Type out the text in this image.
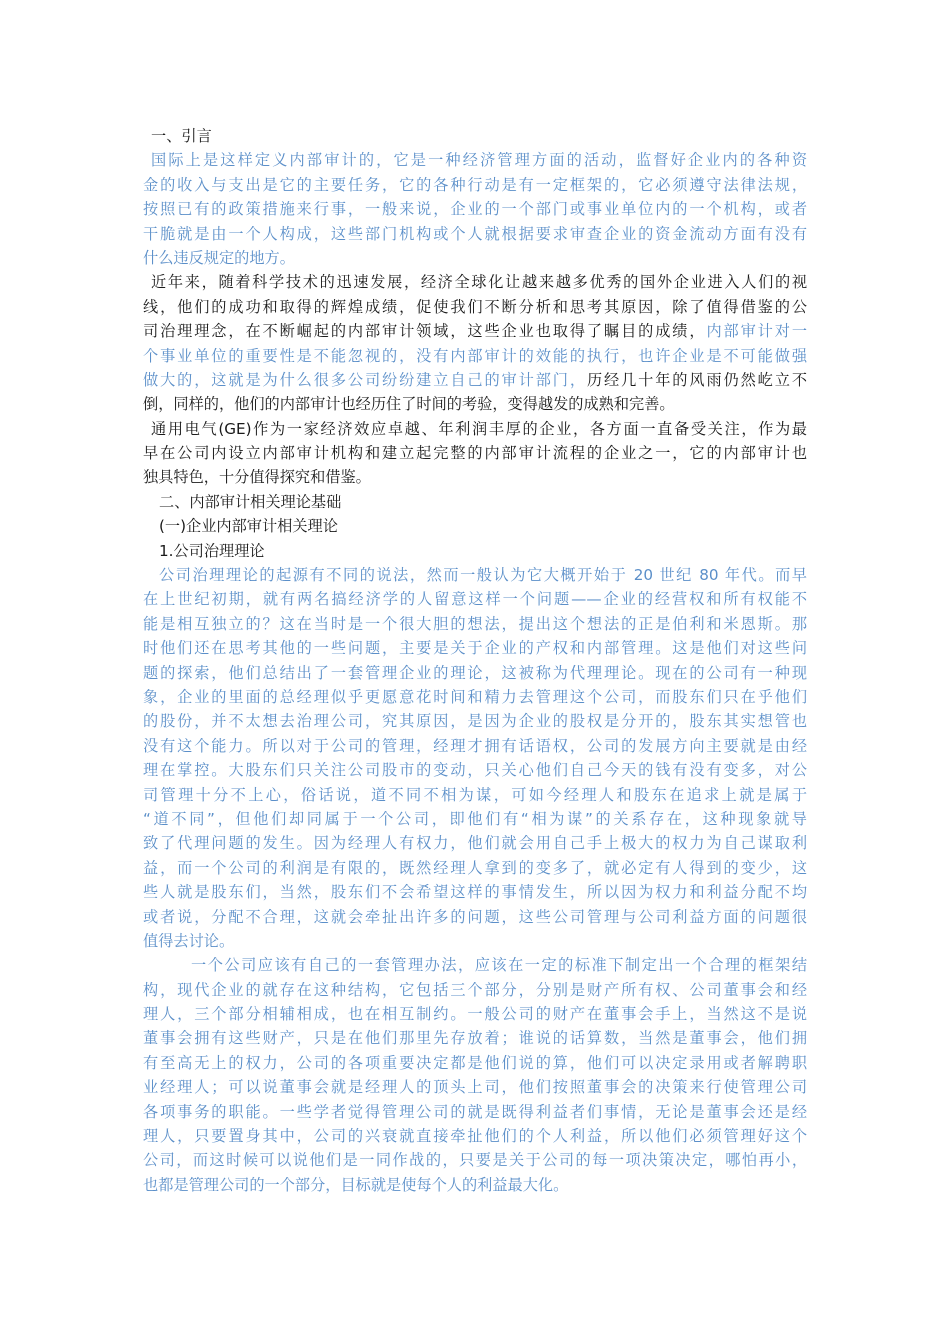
一、引言
国际上是这样定义内部审计的，它是一种经济管理方面的活动，监督好企业内的各种资
金的收入与支出是它的主要任务，它的各种行动是有一定框架的，它必须遵守法律法规，
按照已有的政策措施来行事，一般来说，企业的一个部门或事业单位内的一个机构，或者
干脆就是由一个人构成，这些部门机构或个人就根据要求审查企业的资金流动方面有没有
什么违反规定的地方。
近年来，随着科学技术的迅速发展，经济全球化让越来越多优秀的国外企业进入人们的视
线，他们的成功和取得的辉煌成绩，促使我们不断分析和思考其原因，除了值得借鉴的公
司治理理念，在不断崛起的内部审计领域，这些企业也取得了瞩目的成绩，内部审计对一
个事业单位的重要性是不能忽视的，没有内部审计的效能的执行，也许企业是不可能做强
做大的，这就是为什么很多公司纷纷建立自己的审计部门，历经几十年的风雨仍然屹立不
倒，同样的，他们的内部审计也经历住了时间的考验，变得越发的成熟和完善。
通用电气(GE)作为一家经济效应卓越、年利润丰厚的企业，各方面一直备受关注，作为最
早在公司内设立内部审计机构和建立起完整的内部审计流程的企业之一，它的内部审计也
独具特色，十分值得探究和借鉴。
二、内部审计相关理论基础
(一)企业内部审计相关理论
1.公司治理理论
公司治理理论的起源有不同的说法，然而一般认为它大概开始于 20 世纪 80 年代。而早
在上世纪初期，就有两名搞经济学的人留意这样一个问题——企业的经营权和所有权能不
能是相互独立的？这在当时是一个很大胆的想法，提出这个想法的正是伯利和米恩斯。那
时他们还在思考其他的一些问题，主要是关于企业的产权和内部管理。这是他们对这些问
题的探索，他们总结出了一套管理企业的理论，这被称为代理理论。现在的公司有一种现
象，企业的里面的总经理似乎更愿意花时间和精力去管理这个公司，而股东们只在乎他们
的股份，并不太想去治理公司，究其原因，是因为企业的股权是分开的，股东其实想管也
没有这个能力。所以对于公司的管理，经理才拥有话语权，公司的发展方向主要就是由经
理在掌控。大股东们只关注公司股市的变动，只关心他们自己今天的钱有没有变多，对公
司管理十分不上心，俗话说，道不同不相为谋，可如今经理人和股东在追求上就是属于
“道不同”，但他们却同属于一个公司，即他们有“相为谋”的关系存在，这种现象就导
致了代理问题的发生。因为经理人有权力，他们就会用自己手上极大的权力为自己谋取利
益，而一个公司的利润是有限的，既然经理人拿到的变多了，就必定有人得到的变少，这
些人就是股东们，当然，股东们不会希望这样的事情发生，所以因为权力和利益分配不均
或者说，分配不合理，这就会牵扯出许多的问题，这些公司管理与公司利益方面的问题很
值得去讨论。
一个公司应该有自己的一套管理办法，应该在一定的标准下制定出一个合理的框架结
构，现代企业的就存在这种结构，它包括三个部分，分别是财产所有权、公司董事会和经
理人，三个部分相辅相成，也在相互制约。一般公司的财产在董事会手上，当然这不是说
董事会拥有这些财产，只是在他们那里先存放着；谁说的话算数，当然是董事会，他们拥
有至高无上的权力，公司的各项重要决定都是他们说的算，他们可以决定录用或者解聘职
业经理人；可以说董事会就是经理人的顶头上司，他们按照董事会的决策来行使管理公司
各项事务的职能。一些学者觉得管理公司的就是既得利益者们事情，无论是董事会还是经
理人，只要置身其中，公司的兴衰就直接牵扯他们的个人利益，所以他们必须管理好这个
公司，而这时候可以说他们是一同作战的，只要是关于公司的每一项决策决定，哪怕再小，
也都是管理公司的一个部分，目标就是使每个人的利益最大化。
